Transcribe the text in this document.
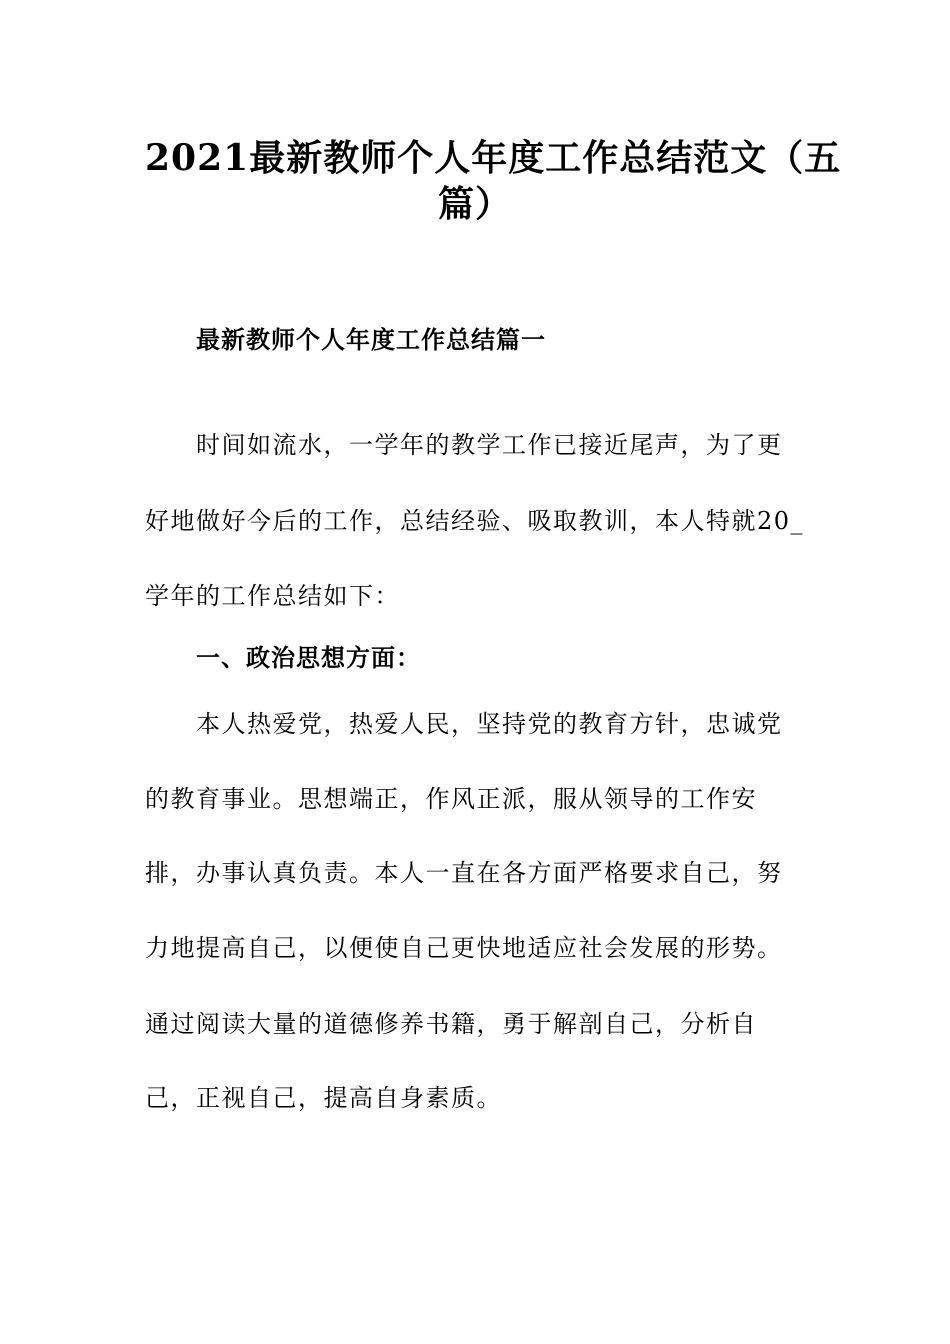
2021最新教师个人年度工作总结范文（五
篇）
最新教师个人年度工作总结篇一
时间如流水，一学年的教学工作已接近尾声，为了更
好地做好今后的工作，总结经验、吸取教训，本人特就20_
学年的工作总结如下：
一、政治思想方面：
本人热爱党，热爱人民，坚持党的教育方针，忠诚党
的教育事业。思想端正，作风正派，服从领导的工作安
排，办事认真负责。本人一直在各方面严格要求自己，努
力地提高自己，以便使自己更快地适应社会发展的形势。
通过阅读大量的道德修养书籍，勇于解剖自己，分析自
己，正视自己，提高自身素质。
